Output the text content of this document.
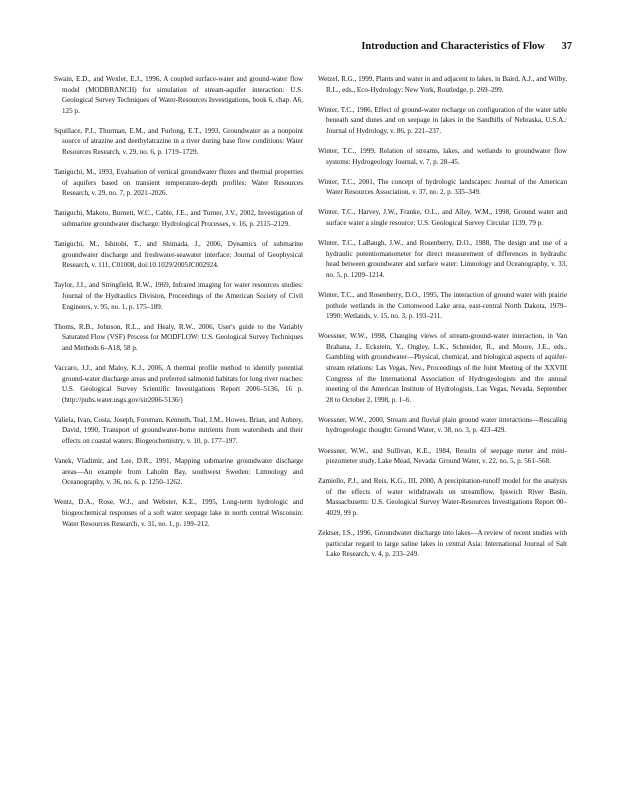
Introduction and Characteristics of Flow 37

Swain, E.D., and Wexler, E.J., 1996, A coupled surface-water and ground-water flow model (MODBRANCH) for simulation of stream-aquifer interaction: U.S. Geological Survey Techniques of Water-Resources Investigations, book 6, chap. A6, 125 p.

Squillace, P.J., Thurman, E.M., and Furlong, E.T., 1993, Groundwater as a nonpoint source of atrazine and deethylatrazine in a river during base flow conditions: Water Resources Research, v. 29, no. 6, p. 1719–1729.

Taniguchi, M., 1993, Evaluation of vertical groundwater fluxes and thermal properties of aquifers based on transient temperature-depth profiles: Water Resources Research, v. 29, no. 7, p. 2021–2026.

Taniguchi, Makoto, Burnett, W.C., Cable, J.E., and Turner, J.V., 2002, Investigation of submarine groundwater discharge: Hydrological Processes, v. 16, p. 2115–2129.

Taniguchi, M., Ishitobi, T., and Shimada, J., 2006, Dynamics of submarine groundwater discharge and freshwater-seawater interface: Journal of Geophysical Research, v. 111, C01008, doi:10.1029/2005JC002924.

Taylor, J.I., and Stringfield, R.W., 1969, Infrared imaging for water resources studies: Journal of the Hydraulics Division, Proceedings of the American Society of Civil Engineers, v. 95, no. 1, p. 175–189.

Thoms, R.B., Johnson, R.L., and Healy, R.W., 2006, User's guide to the Variably Saturated Flow (VSF) Process for MODFLOW: U.S. Geological Survey Techniques and Methods 6–A18, 58 p.

Vaccaro, J.J., and Maloy, K.J., 2006, A thermal profile method to identify potential ground-water discharge areas and preferred salmonid habitats for long river reaches: U.S. Geological Survey Scientific Investigations Report 2006–5136, 16 p. (http://pubs.water.usgs.gov/sir2006-5136/)

Valiela, Ivan, Costa, Joseph, Foreman, Kenneth, Teal, J.M., Howes, Brian, and Aubrey, David, 1990, Transport of groundwater-borne nutrients from watersheds and their effects on coastal waters: Biogeochemistry, v. 10, p. 177–197.

Vanek, Vladimir, and Lee, D.R., 1991, Mapping submarine groundwater discharge areas—An example from Laholm Bay, southwest Sweden: Limnology and Oceanography, v. 36, no. 6, p. 1250–1262.

Wentz, D.A., Rose, W.J., and Webster, K.E., 1995, Long-term hydrologic and biogeochemical responses of a soft water seepage lake in north central Wisconsin: Water Resources Research, v. 31, no. 1, p. 199–212.

Wetzel, R.G., 1999, Plants and water in and adjacent to lakes, in Baird, A.J., and Wilby, R.L., eds., Eco-Hydrology: New York, Routledge, p. 269–299.

Winter, T.C., 1986, Effect of ground-water recharge on configuration of the water table beneath sand dunes and on seepage in lakes in the Sandhills of Nebraska, U.S.A.: Journal of Hydrology, v. 86, p. 221–237.

Winter, T.C., 1999, Relation of streams, lakes, and wetlands to groundwater flow systems: Hydrogeology Journal, v. 7, p. 28–45.

Winter, T.C., 2001, The concept of hydrologic landscapes: Journal of the American Water Resources Association, v. 37, no. 2, p. 335–349.

Winter, T.C., Harvey, J.W., Franke, O.L., and Alley, W.M., 1998, Ground water and surface water a single resource: U.S. Geological Survey Circular 1139, 79 p.

Winter, T.C., LaBaugh, J.W., and Rosenberry, D.O., 1988, The design and use of a hydraulic potentiomanometer for direct measurement of differences in hydraulic head between groundwater and surface water: Limnology and Oceanography, v. 33, no. 5, p. 1209–1214.

Winter, T.C., and Rosenberry, D.O., 1995, The interaction of ground water with prairie pothole wetlands in the Cottonwood Lake area, east-central North Dakota, 1979–1990: Wetlands, v. 15, no. 3, p. 193–211.

Woessner, W.W., 1998, Changing views of stream-ground-water interaction, in Van Brahana, J., Eckstein, Y., Ongley, L.K., Schneider, R., and Moore, J.E., eds., Gambling with groundwater—Physical, chemical, and biological aspects of aquifer-stream relations: Las Vegas, Nev., Proceedings of the Joint Meeting of the XXVIII Congress of the International Association of Hydrogeologists and the annual meeting of the American Institute of Hydrologists, Las Vegas, Nevada, September 28 to October 2, 1998, p. 1–6.

Woessner, W.W., 2000, Stream and fluvial plain ground water interactions—Rescaling hydrogeologic thought: Ground Water, v. 38, no. 3, p. 423–429.

Woessner, W.W., and Sullivan, K.E., 1984, Results of seepage meter and mini-piezometer study, Lake Mead, Nevada: Ground Water, v. 22, no. 5, p. 561–568.

Zamiello, P.J., and Reis, K.G., III, 2000, A precipitation-runoff model for the analysis of the effects of water withdrawals on streamflow, Ipswich River Basin, Massachusetts: U.S. Geological Survey Water-Resources Investigations Report 00–4029, 99 p.

Zektser, I.S., 1996, Groundwater discharge into lakes—A review of recent studies with particular regard to large saline lakes in central Asia: International Journal of Salt Lake Research, v. 4, p. 233–249.
